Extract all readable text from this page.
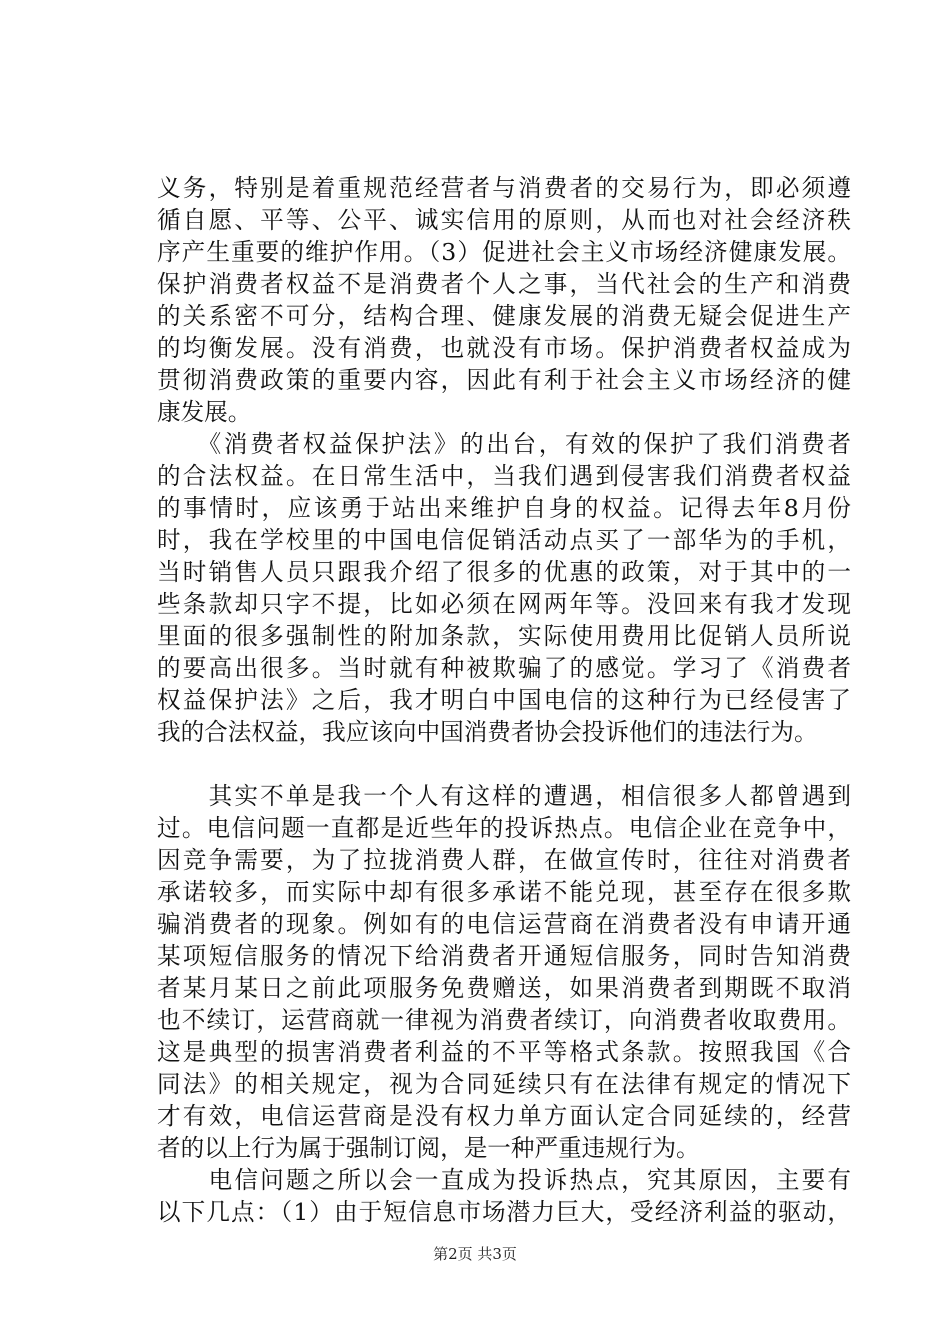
义务，特别是着重规范经营者与消费者的交易行为，即必须遵
循自愿、平等、公平、诚实信用的原则，从而也对社会经济秩
序产生重要的维护作用。（3）促进社会主义市场经济健康发展。
保护消费者权益不是消费者个人之事，当代社会的生产和消费
的关系密不可分，结构合理、健康发展的消费无疑会促进生产
的均衡发展。没有消费，也就没有市场。保护消费者权益成为
贯彻消费政策的重要内容，因此有利于社会主义市场经济的健
康发展。
　　《消费者权益保护法》的出台，有效的保护了我们消费者
的合法权益。在日常生活中，当我们遇到侵害我们消费者权益
的事情时，应该勇于站出来维护自身的权益。记得去年8月份
时，我在学校里的中国电信促销活动点买了一部华为的手机，
当时销售人员只跟我介绍了很多的优惠的政策，对于其中的一
些条款却只字不提，比如必须在网两年等。没回来有我才发现
里面的很多强制性的附加条款，实际使用费用比促销人员所说
的要高出很多。当时就有种被欺骗了的感觉。学习了《消费者
权益保护法》之后，我才明白中国电信的这种行为已经侵害了
我的合法权益，我应该向中国消费者协会投诉他们的违法行为。
　　其实不单是我一个人有这样的遭遇，相信很多人都曾遇到
过。电信问题一直都是近些年的投诉热点。电信企业在竞争中，
因竞争需要，为了拉拢消费人群，在做宣传时，往往对消费者
承诺较多，而实际中却有很多承诺不能兑现，甚至存在很多欺
骗消费者的现象。例如有的电信运营商在消费者没有申请开通
某项短信服务的情况下给消费者开通短信服务，同时告知消费
者某月某日之前此项服务免费赠送，如果消费者到期既不取消
也不续订，运营商就一律视为消费者续订，向消费者收取费用。
这是典型的损害消费者利益的不平等格式条款。按照我国《合
同法》的相关规定，视为合同延续只有在法律有规定的情况下
才有效，电信运营商是没有权力单方面认定合同延续的，经营
者的以上行为属于强制订阅，是一种严重违规行为。
　　电信问题之所以会一直成为投诉热点，究其原因，主要有
以下几点：（1）由于短信息市场潜力巨大，受经济利益的驱动，
第2页 共3页
